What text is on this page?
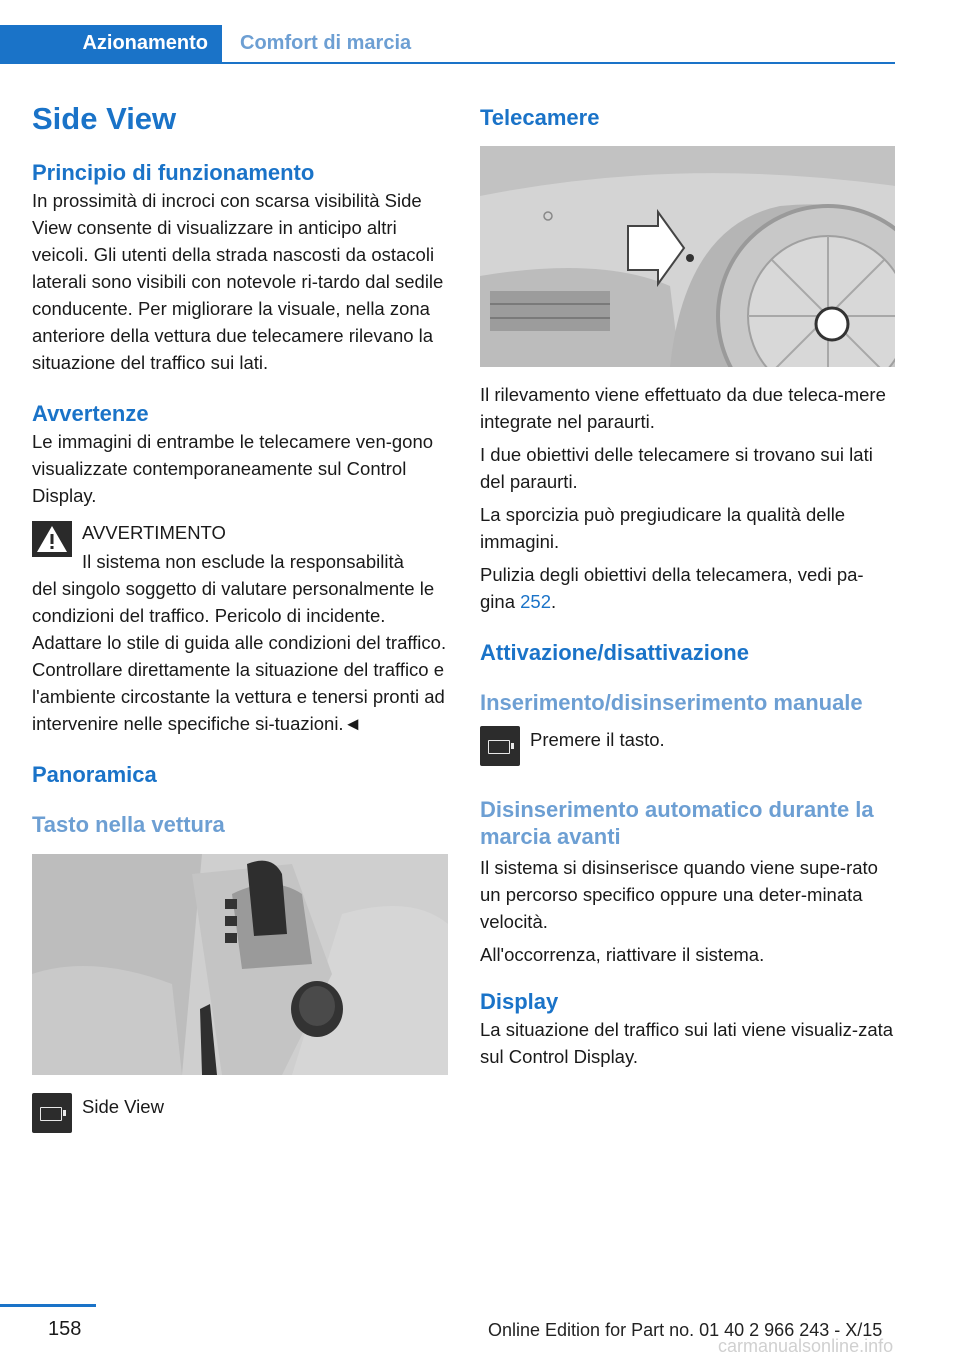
Azionamento Comfort di marcia
Side View
Principio di funzionamento

In prossimità di incroci con scarsa visibilità Side View consente di visualizzare in anticipo altri veicoli. Gli utenti della strada nascosti da ostacoli laterali sono visibili con notevole ri-tardo dal sedile conducente. Per migliorare la visuale, nella zona anteriore della vettura due telecamere rilevano la situazione del traffico sui lati.

Avvertenze

Le immagini di entrambe le telecamere ven-gono visualizzate contemporaneamente sul Control Display.

AVVERTIMENTO
Il sistema non esclude la responsabilità

del singolo soggetto di valutare personalmente le condizioni del traffico. Pericolo di incidente. Adattare lo stile di guida alle condizioni del traffico. Controllare direttamente la situazione del traffico e l'ambiente circostante la vettura e tenersi pronti ad intervenire nelle specifiche si-tuazioni.◄

Panoramica
Tasto nella vettura
Side View
Telecamere

Il rilevamento viene effettuato da due teleca-mere integrate nel paraurti.

I due obiettivi delle telecamere si trovano sui lati del paraurti.

La sporcizia può pregiudicare la qualità delle immagini.

Pulizia degli obiettivi della telecamera, vedi pa-gina 252.

Attivazione/disattivazione
Inserimento/disinserimento manuale
Premere il tasto.
Disinserimento automatico durante la marcia avanti

Il sistema si disinserisce quando viene supe-rato un percorso specifico oppure una deter-minata velocità.

All'occorrenza, riattivare il sistema.

Display

La situazione del traffico sui lati viene visualiz-zata sul Control Display.

158	Online Edition for Part no. 01 40 2 966 243 - X/15
carmanualsonline.info
